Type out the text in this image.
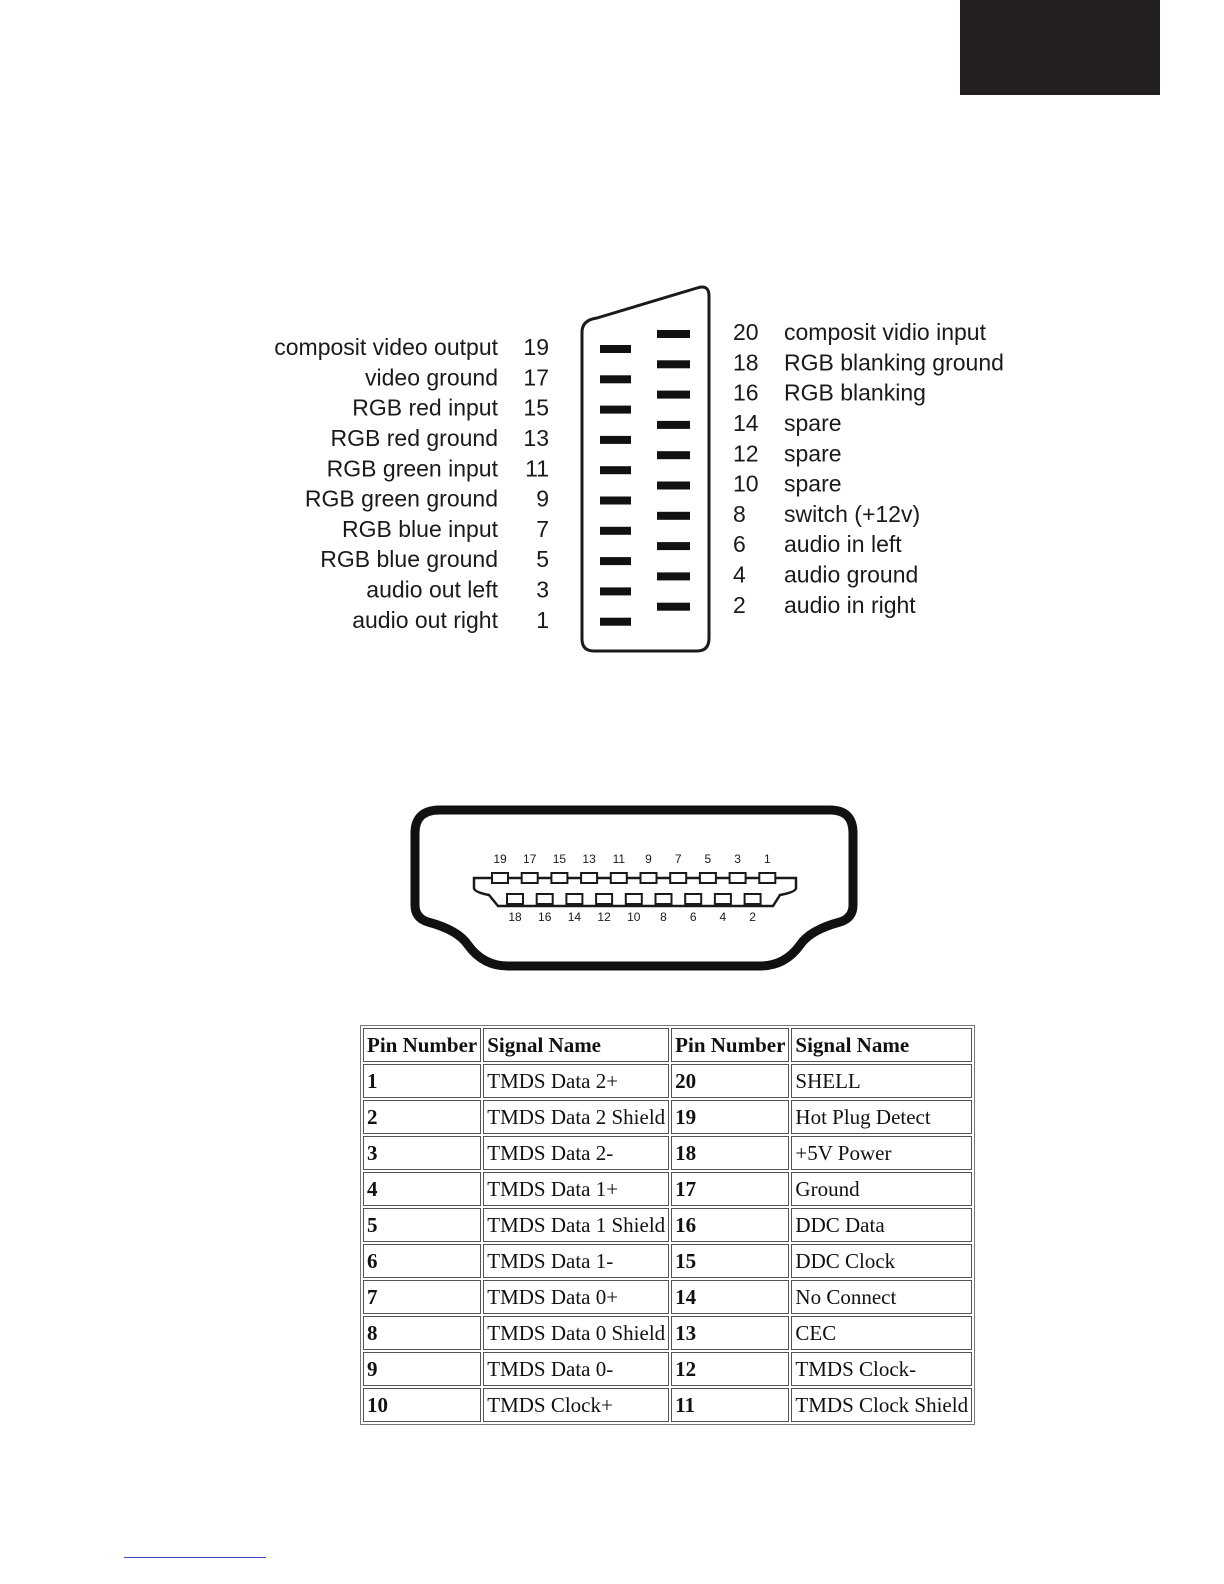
composit video output 19
video ground 17
RGB red input 15
RGB red ground 13
RGB green input 11
RGB green ground 9
RGB blue input 7
RGB blue ground 5
audio out left 3
audio out right 1
20 composit vidio input
18 RGB blanking ground
16 RGB blanking
14 spare
12 spare
10 spare
8 switch (+12v)
6 audio in left
4 audio ground
2 audio in right
19 17 15 13 11 9 7 5 3 1
18 16 14 12 10 8 6 4 2
Pin Number	Signal Name	Pin Number	Signal Name
1	TMDS Data 2+	20	SHELL
2	TMDS Data 2 Shield	19	Hot Plug Detect
3	TMDS Data 2-	18	+5V Power
4	TMDS Data 1+	17	Ground
5	TMDS Data 1 Shield	16	DDC Data
6	TMDS Data 1-	15	DDC Clock
7	TMDS Data 0+	14	No Connect
8	TMDS Data 0 Shield	13	CEC
9	TMDS Data 0-	12	TMDS Clock-
10	TMDS Clock+	11	TMDS Clock Shield
